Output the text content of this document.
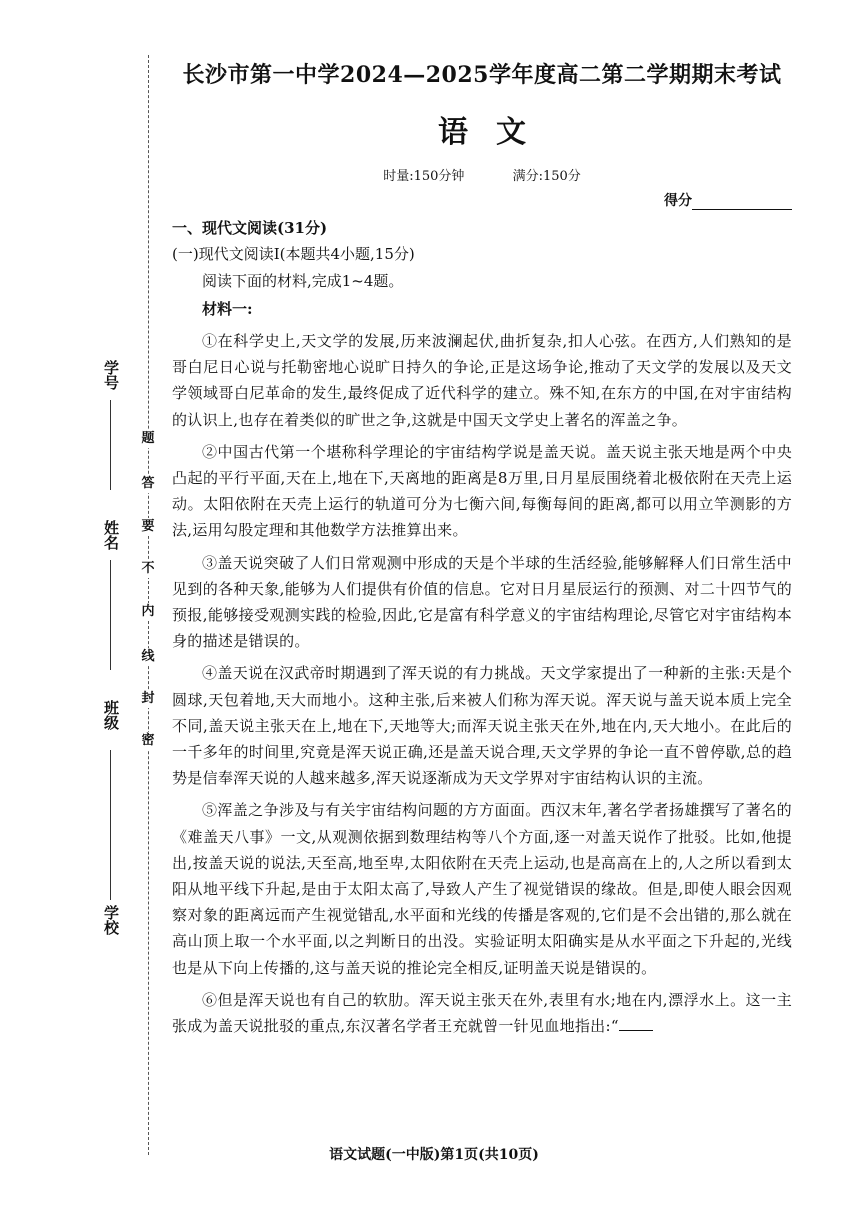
学号
姓名
班级
学校
题
答
要
不
内
线
封
密
长沙市第一中学2024—2025学年度高二第二学期期末考试
语文
时量:150分钟	满分:150分
得分
一、现代文阅读(31分)
(一)现代文阅读Ⅰ(本题共4小题,15分)

阅读下面的材料,完成1~4题。

材料一:

①在科学史上,天文学的发展,历来波澜起伏,曲折复杂,扣人心弦。在西方,人们熟知的是哥白尼日心说与托勒密地心说旷日持久的争论,正是这场争论,推动了天文学的发展以及天文学领域哥白尼革命的发生,最终促成了近代科学的建立。殊不知,在东方的中国,在对宇宙结构的认识上,也存在着类似的旷世之争,这就是中国天文学史上著名的浑盖之争。

②中国古代第一个堪称科学理论的宇宙结构学说是盖天说。盖天说主张天地是两个中央凸起的平行平面,天在上,地在下,天离地的距离是8万里,日月星辰围绕着北极依附在天壳上运动。太阳依附在天壳上运行的轨道可分为七衡六间,每衡每间的距离,都可以用立竿测影的方法,运用勾股定理和其他数学方法推算出来。

③盖天说突破了人们日常观测中形成的天是个半球的生活经验,能够解释人们日常生活中见到的各种天象,能够为人们提供有价值的信息。它对日月星辰运行的预测、对二十四节气的预报,能够接受观测实践的检验,因此,它是富有科学意义的宇宙结构理论,尽管它对宇宙结构本身的描述是错误的。

④盖天说在汉武帝时期遇到了浑天说的有力挑战。天文学家提出了一种新的主张:天是个圆球,天包着地,天大而地小。这种主张,后来被人们称为浑天说。浑天说与盖天说本质上完全不同,盖天说主张天在上,地在下,天地等大;而浑天说主张天在外,地在内,天大地小。在此后的一千多年的时间里,究竟是浑天说正确,还是盖天说合理,天文学界的争论一直不曾停歇,总的趋势是信奉浑天说的人越来越多,浑天说逐渐成为天文学界对宇宙结构认识的主流。

⑤浑盖之争涉及与有关宇宙结构问题的方方面面。西汉末年,著名学者扬雄撰写了著名的《难盖天八事》一文,从观测依据到数理结构等八个方面,逐一对盖天说作了批驳。比如,他提出,按盖天说的说法,天至高,地至卑,太阳依附在天壳上运动,也是高高在上的,人之所以看到太阳从地平线下升起,是由于太阳太高了,导致人产生了视觉错误的缘故。但是,即使人眼会因观察对象的距离远而产生视觉错乱,水平面和光线的传播是客观的,它们是不会出错的,那么就在高山顶上取一个水平面,以之判断日的出没。实验证明太阳确实是从水平面之下升起的,光线也是从下向上传播的,这与盖天说的推论完全相反,证明盖天说是错误的。

⑥但是浑天说也有自己的软肋。浑天说主张天在外,表里有水;地在内,漂浮水上。这一主张成为盖天说批驳的重点,东汉著名学者王充就曾一针见血地指出:“

语文试题(一中版)第1页(共10页)
